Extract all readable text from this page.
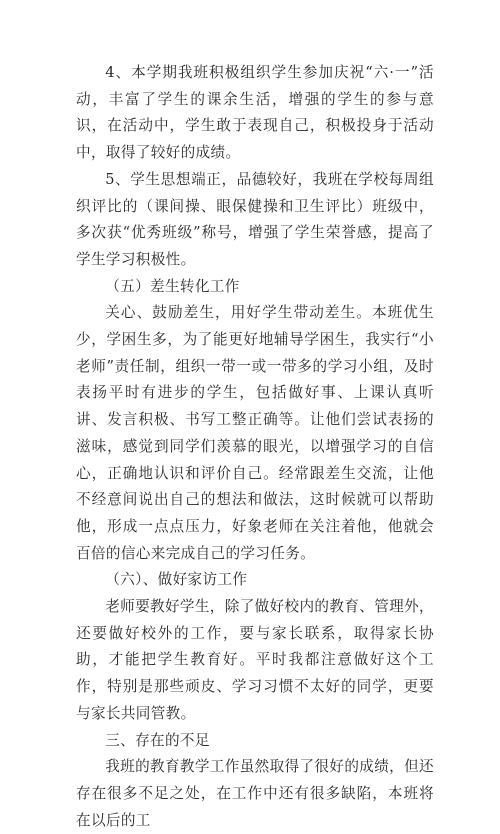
4、本学期我班积极组织学生参加庆祝“六·一”活动，丰富了学生的课余生活，增强的学生的参与意识，在活动中，学生敢于表现自己，积极投身于活动中，取得了较好的成绩。

5、学生思想端正，品德较好，我班在学校每周组织评比的（课间操、眼保健操和卫生评比）班级中，多次获“优秀班级”称号，增强了学生荣誉感，提高了学生学习积极性。

（五）差生转化工作

关心、鼓励差生，用好学生带动差生。本班优生少，学困生多，为了能更好地辅导学困生，我实行“小老师”责任制，组织一带一或一带多的学习小组，及时表扬平时有进步的学生，包括做好事、上课认真听讲、发言积极、书写工整正确等。让他们尝试表扬的滋味，感觉到同学们羡慕的眼光，以增强学习的自信心，正确地认识和评价自己。经常跟差生交流，让他不经意间说出自己的想法和做法，这时候就可以帮助他，形成一点点压力，好象老师在关注着他，他就会百倍的信心来完成自己的学习任务。

（六）、做好家访工作

老师要教好学生，除了做好校内的教育、管理外，还要做好校外的工作，要与家长联系，取得家长协助，才能把学生教育好。平时我都注意做好这个工作，特别是那些顽皮、学习习惯不太好的同学，更要与家长共同管教。

三、存在的不足

我班的教育教学工作虽然取得了很好的成绩，但还存在很多不足之处，在工作中还有很多缺陷，本班将在以后的工
